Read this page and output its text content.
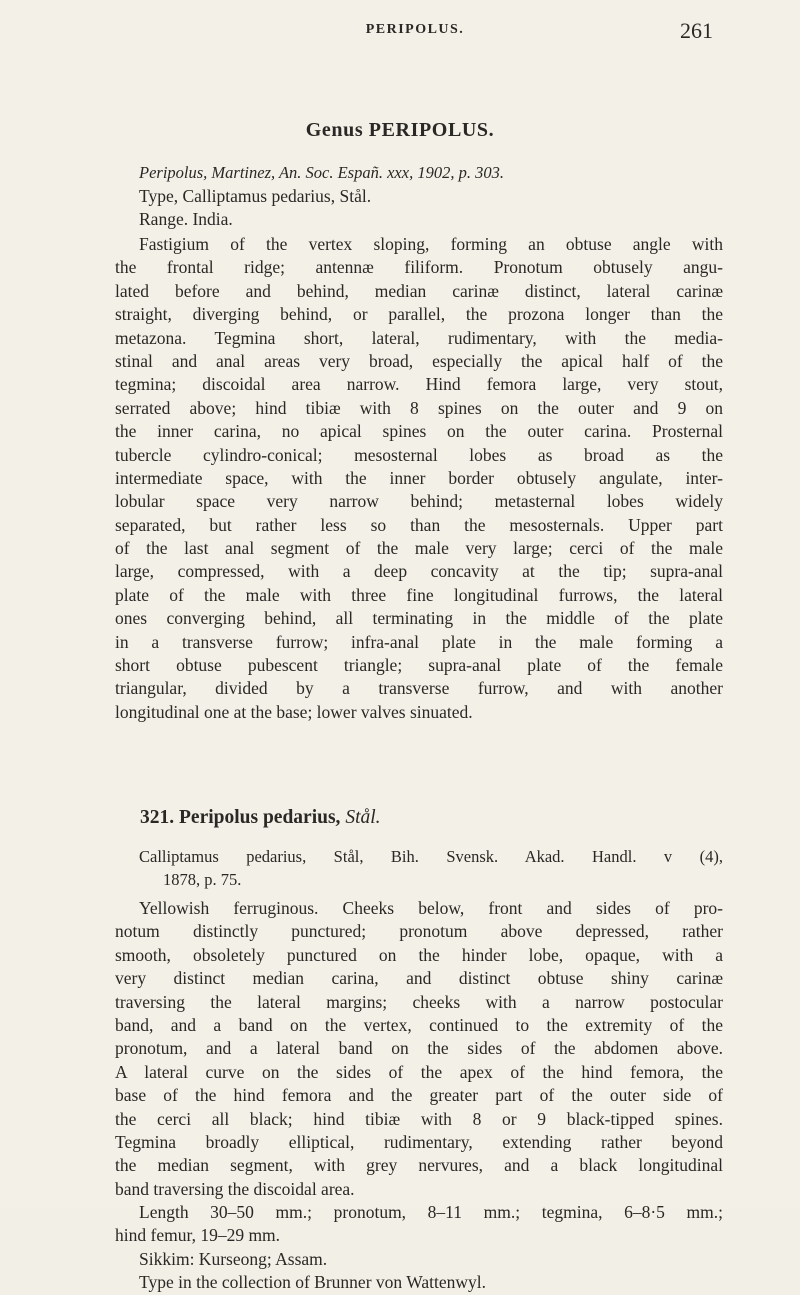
PERIPOLUS.	261
Genus PERIPOLUS.
Peripolus, Martinez, An. Soc. Españ. xxx, 1902, p. 303.
Type, Calliptamus pedarius, Stål.
Range. India.
Fastigium of the vertex sloping, forming an obtuse angle with
the frontal ridge; antennæ filiform. Pronotum obtusely angu-
lated before and behind, median carinæ distinct, lateral carinæ
straight, diverging behind, or parallel, the prozona longer than the
metazona. Tegmina short, lateral, rudimentary, with the media-
stinal and anal areas very broad, especially the apical half of the
tegmina; discoidal area narrow. Hind femora large, very stout,
serrated above; hind tibiæ with 8 spines on the outer and 9 on
the inner carina, no apical spines on the outer carina. Prosternal
tubercle cylindro-conical; mesosternal lobes as broad as the
intermediate space, with the inner border obtusely angulate, inter-
lobular space very narrow behind; metasternal lobes widely
separated, but rather less so than the mesosternals. Upper part
of the last anal segment of the male very large; cerci of the male
large, compressed, with a deep concavity at the tip; supra-anal
plate of the male with three fine longitudinal furrows, the lateral
ones converging behind, all terminating in the middle of the plate
in a transverse furrow; infra-anal plate in the male forming a
short obtuse pubescent triangle; supra-anal plate of the female
triangular, divided by a transverse furrow, and with another
longitudinal one at the base; lower valves sinuated.
321. Peripolus pedarius, Stål.
Calliptamus pedarius, Stål, Bih. Svensk. Akad. Handl. v (4),
1878, p. 75.
Yellowish ferruginous. Cheeks below, front and sides of pro-
notum distinctly punctured; pronotum above depressed, rather
smooth, obsoletely punctured on the hinder lobe, opaque, with a
very distinct median carina, and distinct obtuse shiny carinæ
traversing the lateral margins; cheeks with a narrow postocular
band, and a band on the vertex, continued to the extremity of the
pronotum, and a lateral band on the sides of the abdomen above.
A lateral curve on the sides of the apex of the hind femora, the
base of the hind femora and the greater part of the outer side of
the cerci all black; hind tibiæ with 8 or 9 black-tipped spines.
Tegmina broadly elliptical, rudimentary, extending rather beyond
the median segment, with grey nervures, and a black longitudinal
band traversing the discoidal area.
Length 30–50 mm.; pronotum, 8–11 mm.; tegmina, 6–8·5 mm.;
hind femur, 19–29 mm.
Sikkim: Kurseong; Assam.
Type in the collection of Brunner von Wattenwyl.
